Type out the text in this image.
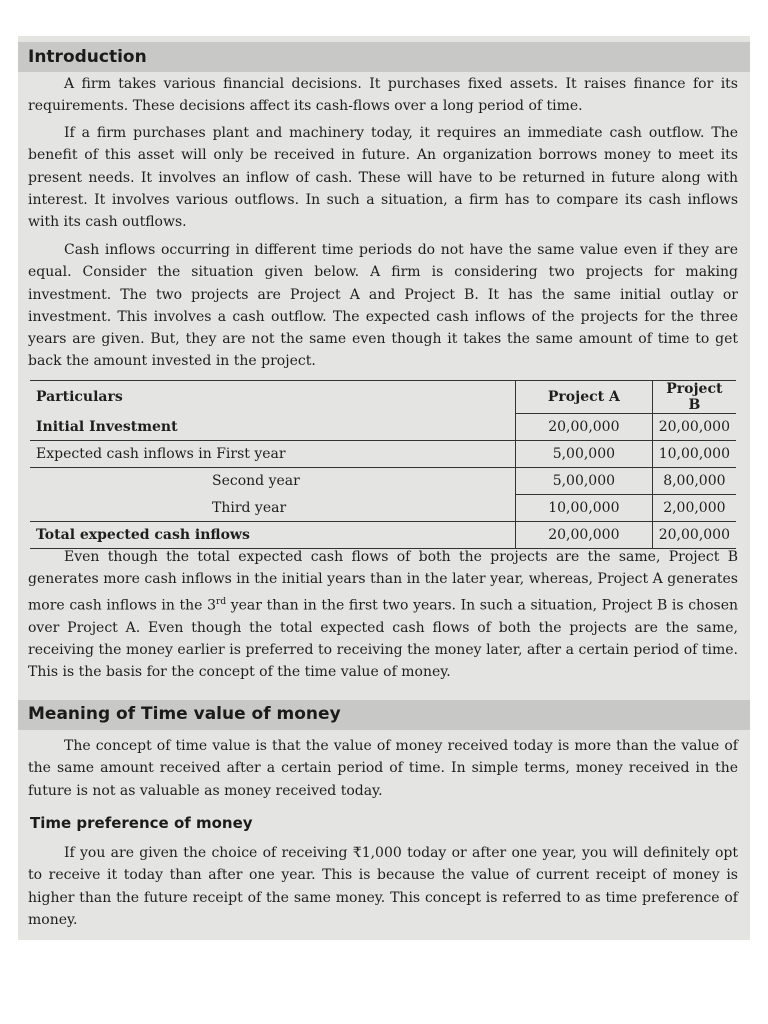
Introduction

A firm takes various financial decisions. It purchases fixed assets. It raises finance for its requirements. These decisions affect its cash-flows over a long period of time.

If a firm purchases plant and machinery today, it requires an immediate cash outflow. The benefit of this asset will only be received in future. An organization borrows money to meet its present needs. It involves an inflow of cash. These will have to be returned in future along with interest. It involves various outflows. In such a situation, a firm has to compare its cash inflows with its cash outflows.

Cash inflows occurring in different time periods do not have the same value even if they are equal. Consider the situation given below. A firm is considering two projects for making investment. The two projects are Project A and Project B. It has the same initial outlay or investment. This involves a cash outflow. The expected cash inflows of the projects for the three years are given. But, they are not the same even though it takes the same amount of time to get back the amount invested in the project.

Particulars	Project A	Project B
Initial Investment	20,00,000	20,00,000
Expected cash inflows in First year	5,00,000	10,00,000
Second year	5,00,000	8,00,000
Third year	10,00,000	2,00,000
Total expected cash inflows	20,00,000	20,00,000

Even though the total expected cash flows of both the projects are the same, Project B generates more cash inflows in the initial years than in the later year, whereas, Project A generates more cash inflows in the 3rd year than in the first two years. In such a situation, Project B is chosen over Project A. Even though the total expected cash flows of both the projects are the same, receiving the money earlier is preferred to receiving the money later, after a certain period of time. This is the basis for the concept of the time value of money.

Meaning of Time value of money

The concept of time value is that the value of money received today is more than the value of the same amount received after a certain period of time. In simple terms, money received in the future is not as valuable as money received today.

Time preference of money

If you are given the choice of receiving ₹1,000 today or after one year, you will definitely opt to receive it today than after one year. This is because the value of current receipt of money is higher than the future receipt of the same money. This concept is referred to as time preference of money.
